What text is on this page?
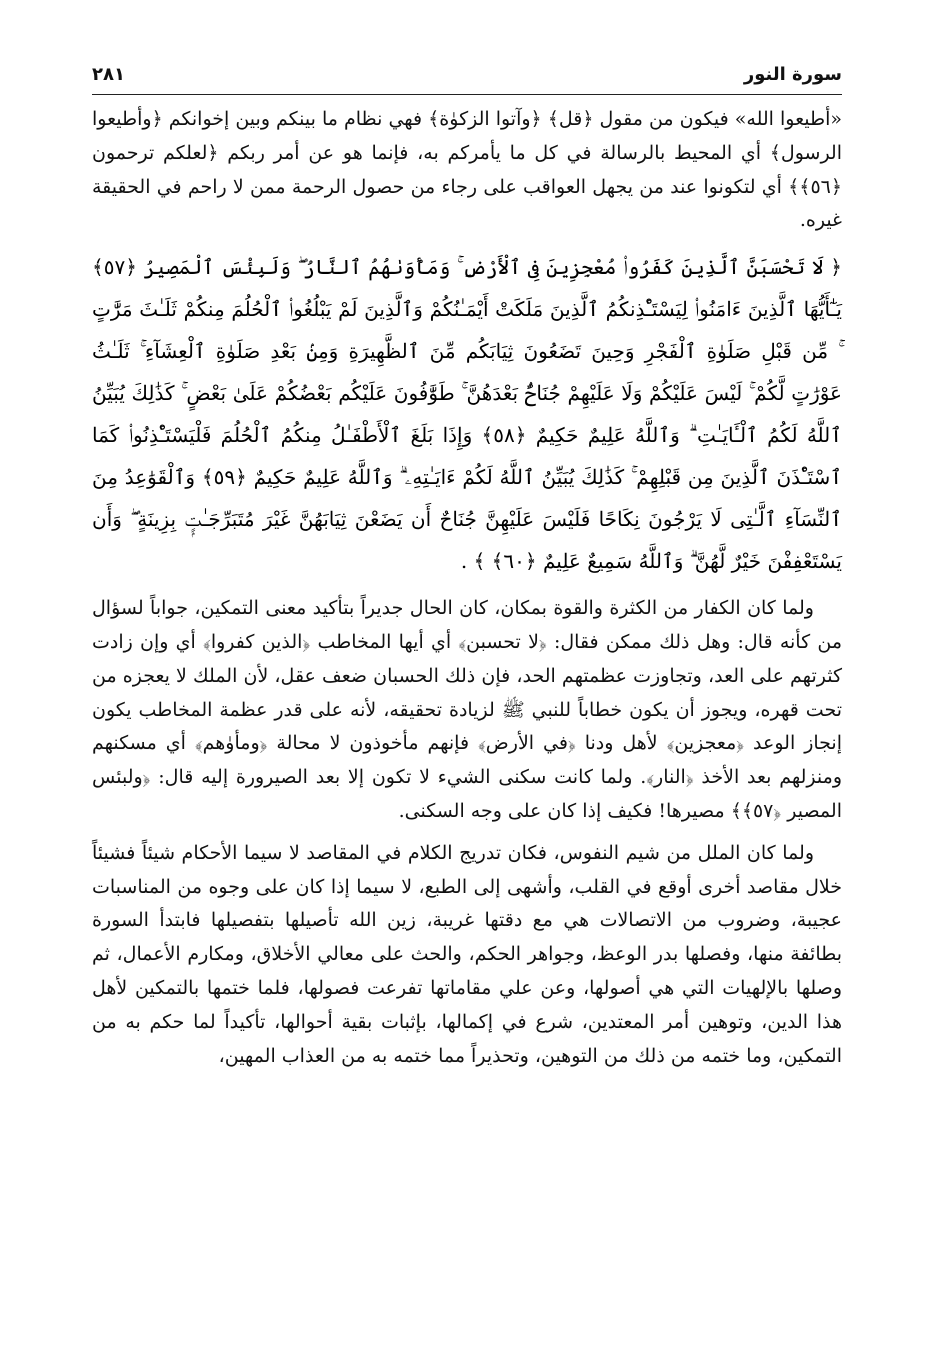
سورة النور
٢٨١

«أطيعوا الله» فيكون من مقول ﴿قل﴾ ﴿وآتوا الزكوٰة﴾ فهي نظام ما بينكم وبين إخوانكم ﴿وأطيعوا الرسول﴾ أي المحيط بالرسالة في كل ما يأمركم به، فإنما هو عن أمر ربكم ﴿لعلكم ترحمون ﴿٥٦﴾﴾ أي لتكونوا عند من يجهل العواقب على رجاء من حصول الرحمة ممن لا راحم في الحقيقة غيره.

﴿ لَا تَحْسَبَنَّ ٱلَّذِينَ كَفَرُوا۟ مُعْجِزِينَ فِى ٱلْأَرْضِ ۚ وَمَأْوَىٰهُمُ ٱلنَّارُ ۖ وَلَبِئْسَ ٱلْمَصِيرُ ﴿٥٧﴾ يَـٰٓأَيُّهَا ٱلَّذِينَ ءَامَنُوا۟ لِيَسْتَـْٔذِنكُمُ ٱلَّذِينَ مَلَكَتْ أَيْمَـٰنُكُمْ وَٱلَّذِينَ لَمْ يَبْلُغُوا۟ ٱلْحُلُمَ مِنكُمْ ثَلَـٰثَ مَرَّٰتٍ ۚ مِّن قَبْلِ صَلَوٰةِ ٱلْفَجْرِ وَحِينَ تَضَعُونَ ثِيَابَكُم مِّنَ ٱلظَّهِيرَةِ وَمِنۢ بَعْدِ صَلَوٰةِ ٱلْعِشَآءِ ۚ ثَلَـٰثُ عَوْرَٰتٍ لَّكُمْ ۚ لَيْسَ عَلَيْكُمْ وَلَا عَلَيْهِمْ جُنَاحٌۢ بَعْدَهُنَّ ۚ طَوَّٰفُونَ عَلَيْكُم بَعْضُكُمْ عَلَىٰ بَعْضٍ ۚ كَذَٰلِكَ يُبَيِّنُ ٱللَّهُ لَكُمُ ٱلْـَٔايَـٰتِ ۗ وَٱللَّهُ عَلِيمٌ حَكِيمٌ ﴿٥٨﴾ وَإِذَا بَلَغَ ٱلْأَطْفَـٰلُ مِنكُمُ ٱلْحُلُمَ فَلْيَسْتَـْٔذِنُوا۟ كَمَا ٱسْتَـْٔذَنَ ٱلَّذِينَ مِن قَبْلِهِمْ ۚ كَذَٰلِكَ يُبَيِّنُ ٱللَّهُ لَكُمْ ءَايَـٰتِهِۦ ۗ وَٱللَّهُ عَلِيمٌ حَكِيمٌ ﴿٥٩﴾ وَٱلْقَوَٰعِدُ مِنَ ٱلنِّسَآءِ ٱلَّـٰتِى لَا يَرْجُونَ نِكَاحًا فَلَيْسَ عَلَيْهِنَّ جُنَاحٌ أَن يَضَعْنَ ثِيَابَهُنَّ غَيْرَ مُتَبَرِّجَـٰتٍۭ بِزِينَةٍ ۖ وَأَن يَسْتَعْفِفْنَ خَيْرٌ لَّهُنَّ ۗ وَٱللَّهُ سَمِيعٌ عَلِيمٌ ﴿٦٠﴾ ﴾ .

ولما كان الكفار من الكثرة والقوة بمكان، كان الحال جديراً بتأكيد معنى التمكين، جواباً لسؤال من كأنه قال: وهل ذلك ممكن فقال: ﴿لا تحسبن﴾ أي أيها المخاطب ﴿الذين كفروا﴾ أي وإن زادت كثرتهم على العد، وتجاوزت عظمتهم الحد، فإن ذلك الحسبان ضعف عقل، لأن الملك لا يعجزه من تحت قهره، ويجوز أن يكون خطاباً للنبي ﷺ لزيادة تحقيقه، لأنه على قدر عظمة المخاطب يكون إنجاز الوعد ﴿معجزين﴾ لأهل ودنا ﴿في الأرض﴾ فإنهم مأخوذون لا محالة ﴿ومأوٰهم﴾ أي مسكنهم ومنزلهم بعد الأخذ ﴿النار﴾. ولما كانت سكنى الشيء لا تكون إلا بعد الصيرورة إليه قال: ﴿ولبئس المصير ﴿٥٧﴾﴾ مصيرها! فكيف إذا كان على وجه السكنى.

ولما كان الملل من شيم النفوس، فكان تدريج الكلام في المقاصد لا سيما الأحكام شيئاً فشيئاً خلال مقاصد أخرى أوقع في القلب، وأشهى إلى الطبع، لا سيما إذا كان على وجوه من المناسبات عجيبة، وضروب من الاتصالات هي مع دقتها غريبة، زين الله تأصيلها بتفصيلها فابتدأ السورة بطائفة منها، وفصلها بدر الوعظ، وجواهر الحكم، والحث على معالي الأخلاق، ومكارم الأعمال، ثم وصلها بالإلهيات التي هي أصولها، وعن علي مقاماتها تفرعت فصولها، فلما ختمها بالتمكين لأهل هذا الدين، وتوهين أمر المعتدين، شرع في إكمالها، بإثبات بقية أحوالها، تأكيداً لما حكم به من التمكين، وما ختمه من ذلك من التوهين، وتحذيراً مما ختمه به من العذاب المهين،
